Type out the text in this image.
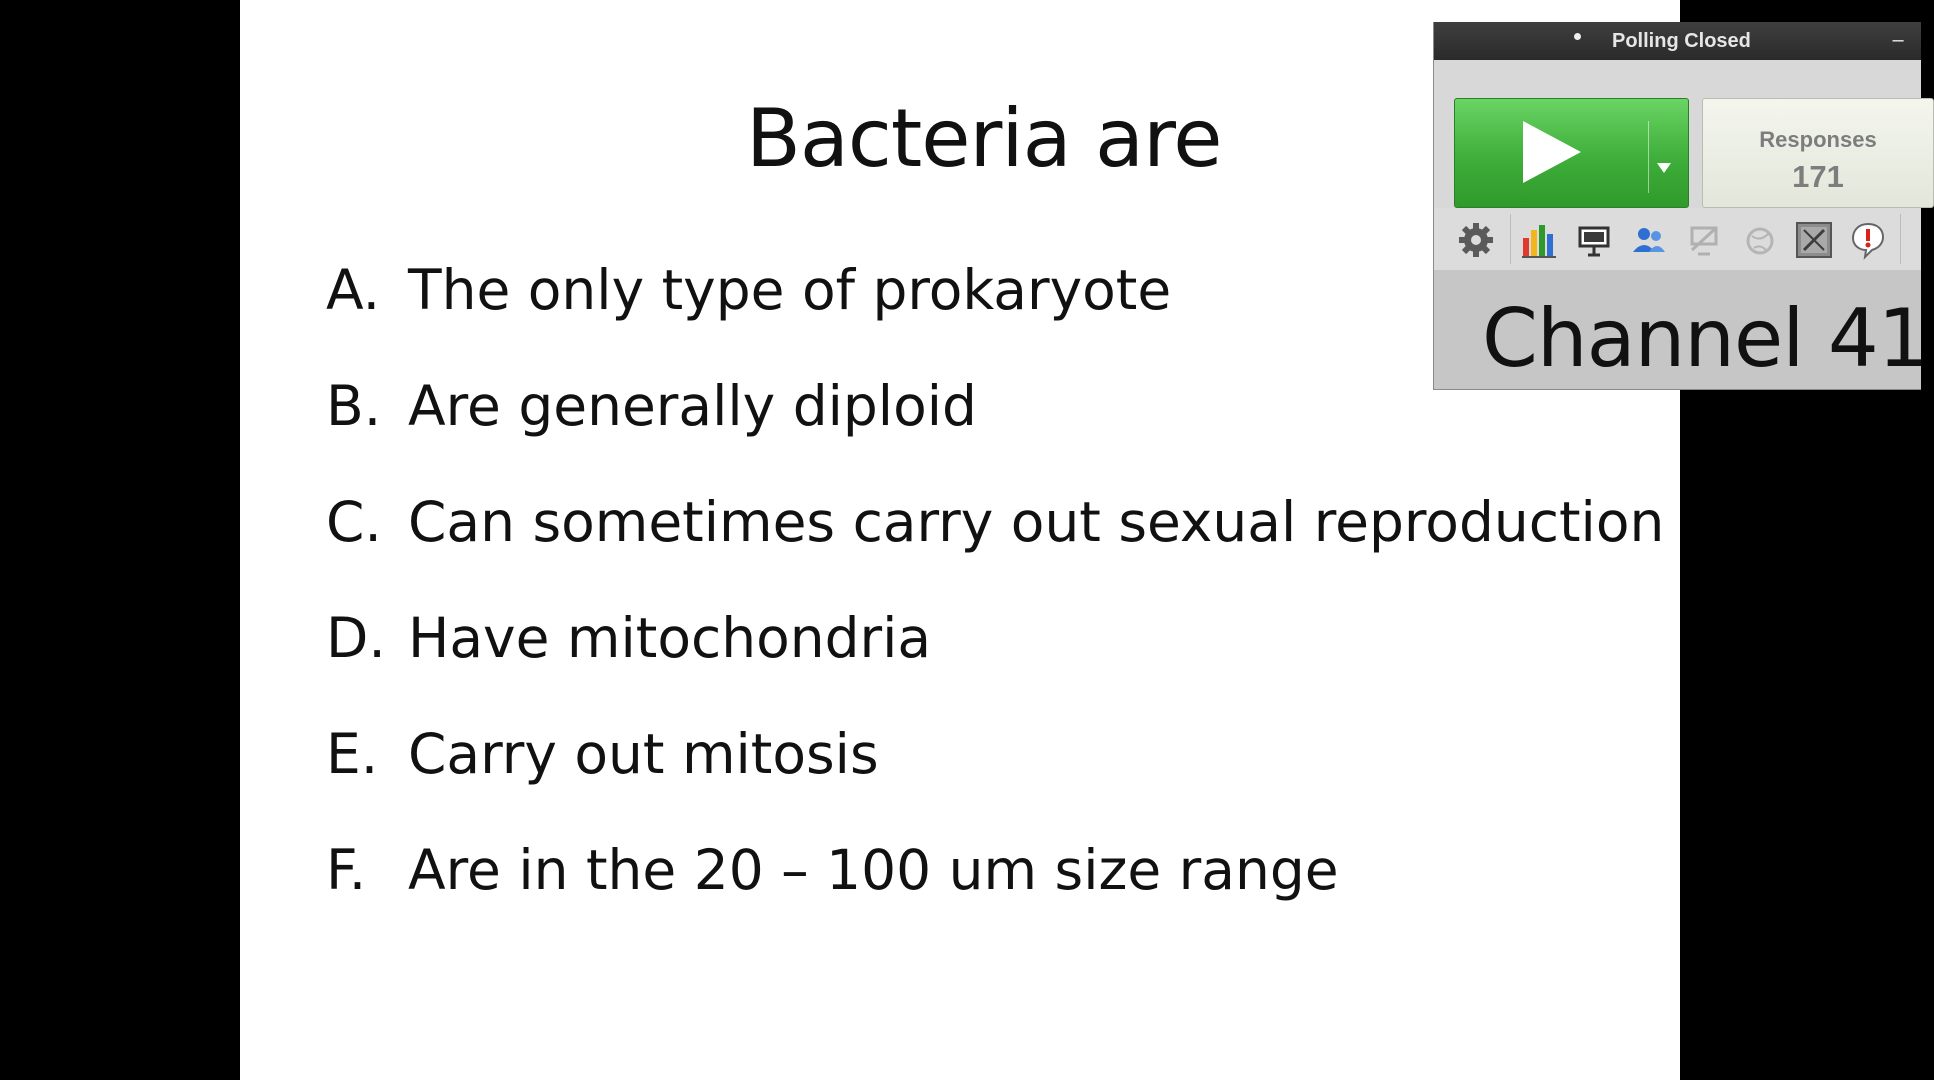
Bacteria are
A. The only type of prokaryote
B. Are generally diploid
C. Can sometimes carry out sexual reproduction
D. Have mitochondria
E. Carry out mitosis
F. Are in the 20 – 100 um size range
Polling Closed	–
Responses
171
Channel 41
